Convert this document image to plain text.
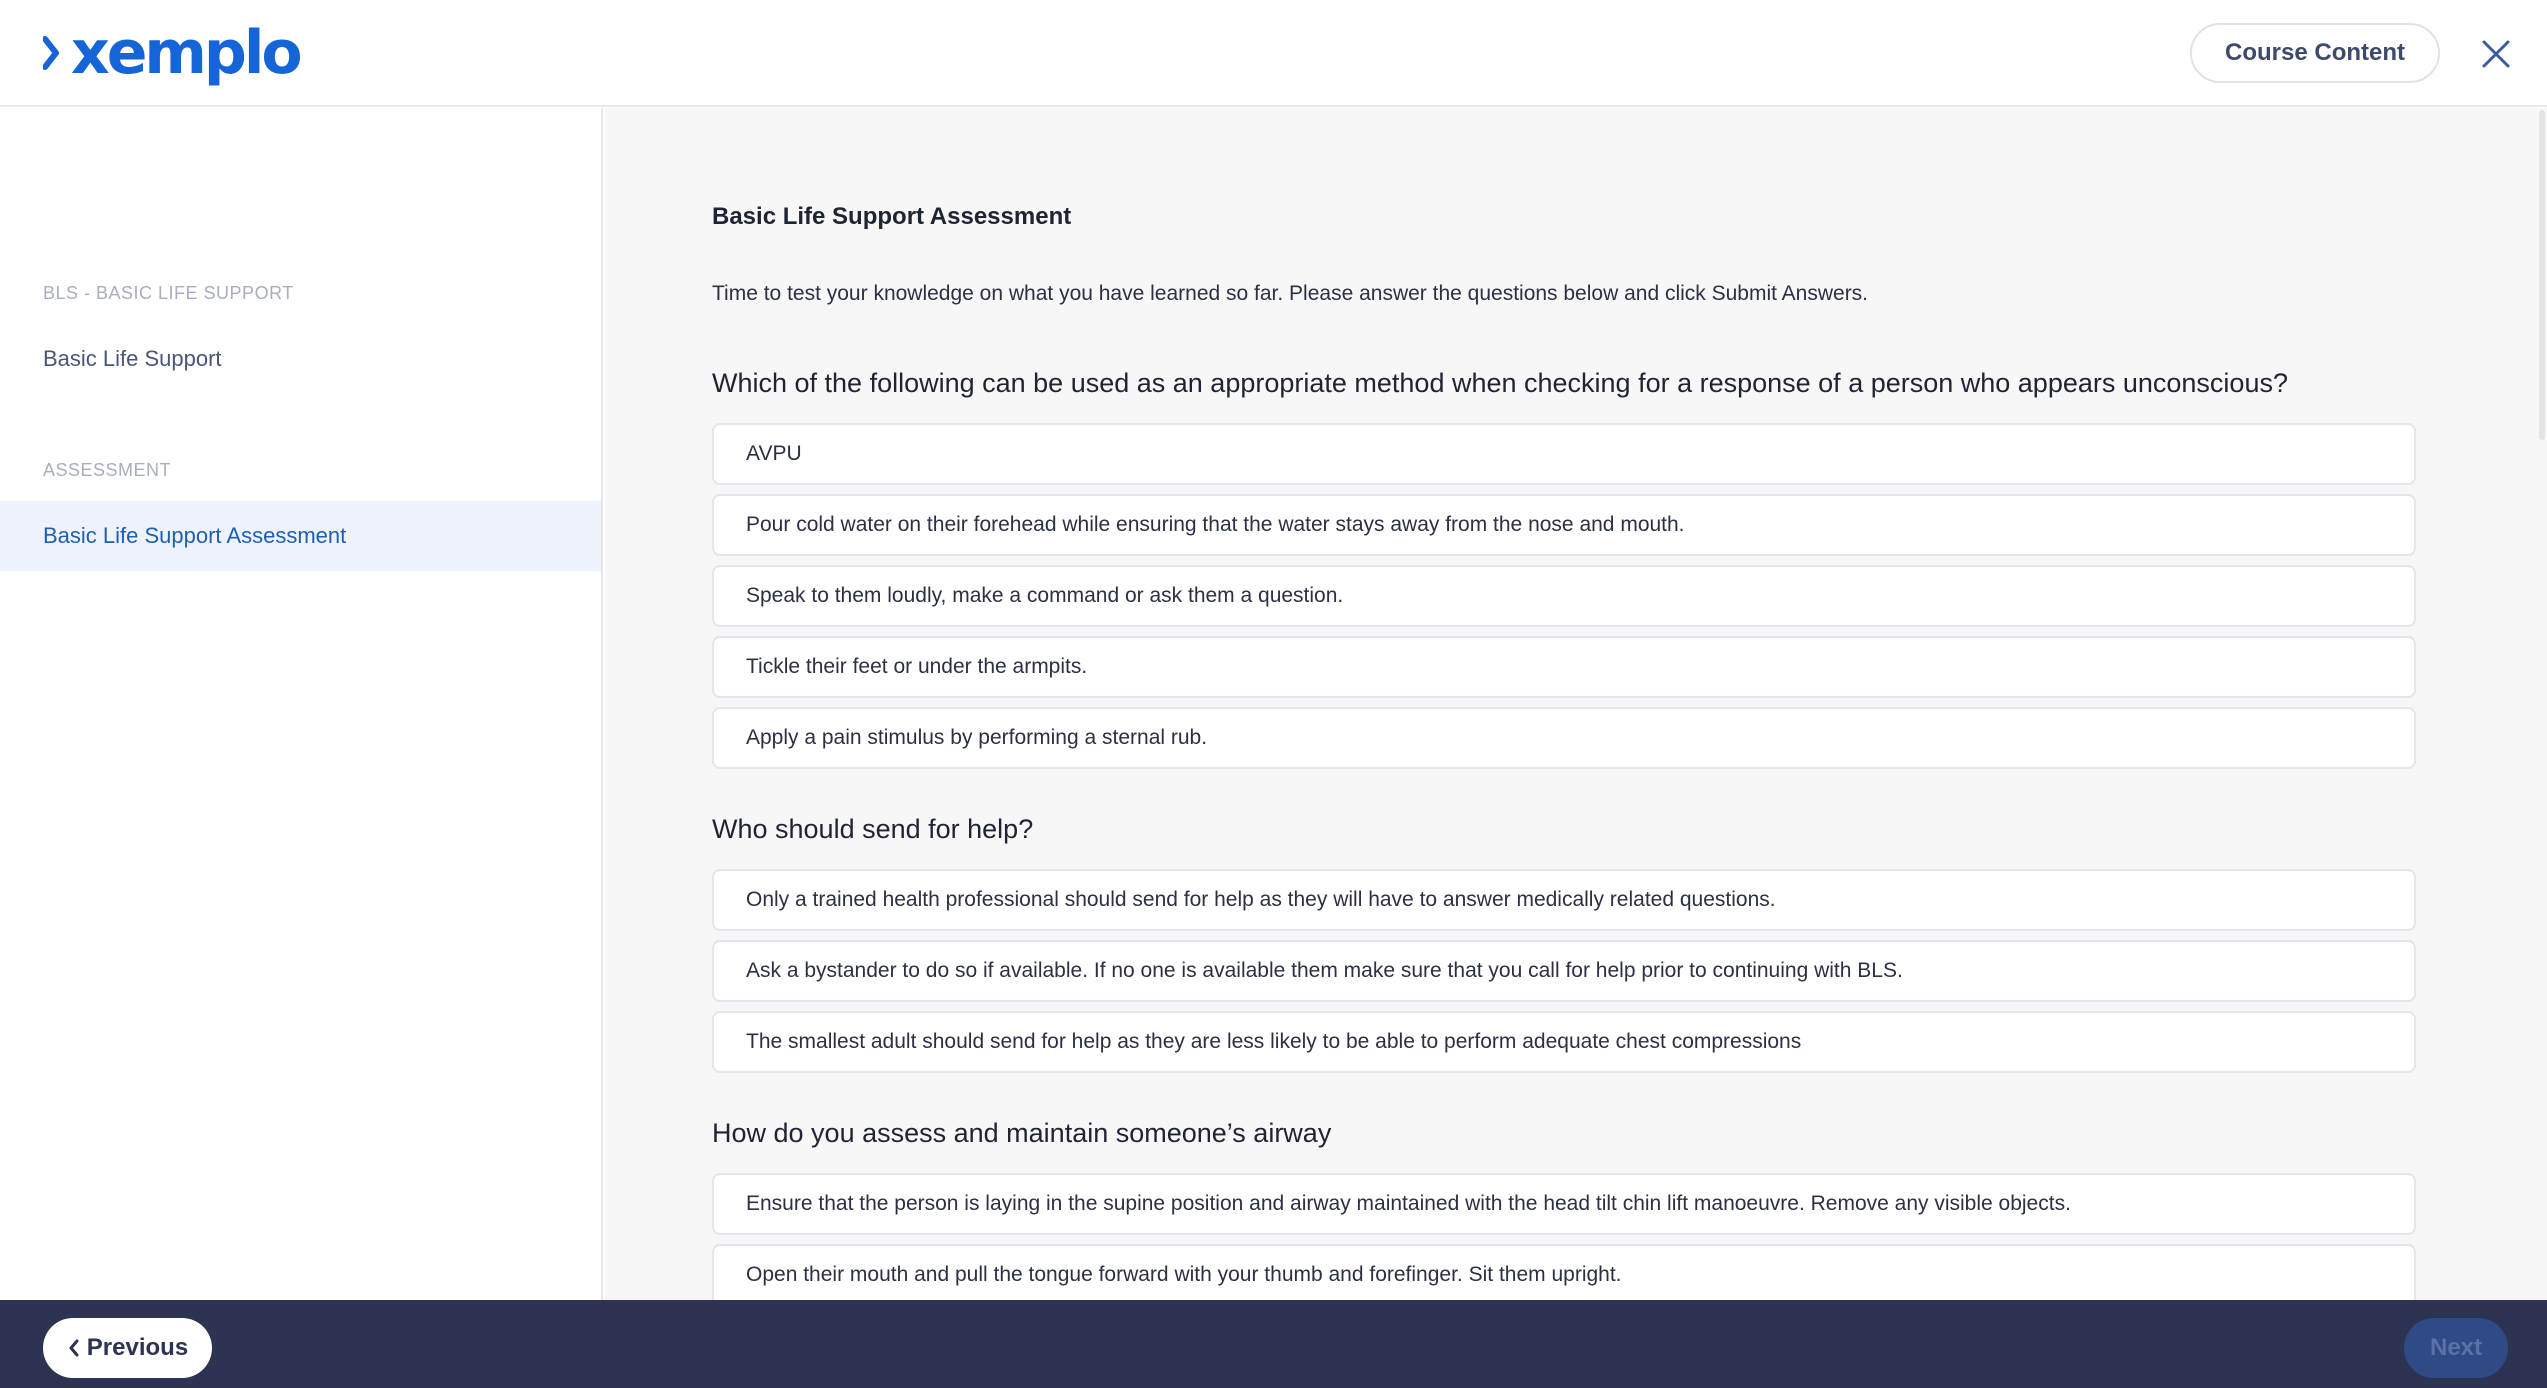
xemplo	Course Content
BLS - BASIC LIFE SUPPORT
Basic Life Support
ASSESSMENT
Basic Life Support Assessment
Basic Life Support Assessment
Time to test your knowledge on what you have learned so far. Please answer the questions below and click Submit Answers.
Which of the following can be used as an appropriate method when checking for a response of a person who appears unconscious?
AVPU
Pour cold water on their forehead while ensuring that the water stays away from the nose and mouth.
Speak to them loudly, make a command or ask them a question.
Tickle their feet or under the armpits.
Apply a pain stimulus by performing a sternal rub.
Who should send for help?
Only a trained health professional should send for help as they will have to answer medically related questions.
Ask a bystander to do so if available. If no one is available them make sure that you call for help prior to continuing with BLS.
The smallest adult should send for help as they are less likely to be able to perform adequate chest compressions
How do you assess and maintain someone’s airway
Ensure that the person is laying in the supine position and airway maintained with the head tilt chin lift manoeuvre. Remove any visible objects.
Open their mouth and pull the tongue forward with your thumb and forefinger. Sit them upright.
Previous	Next
